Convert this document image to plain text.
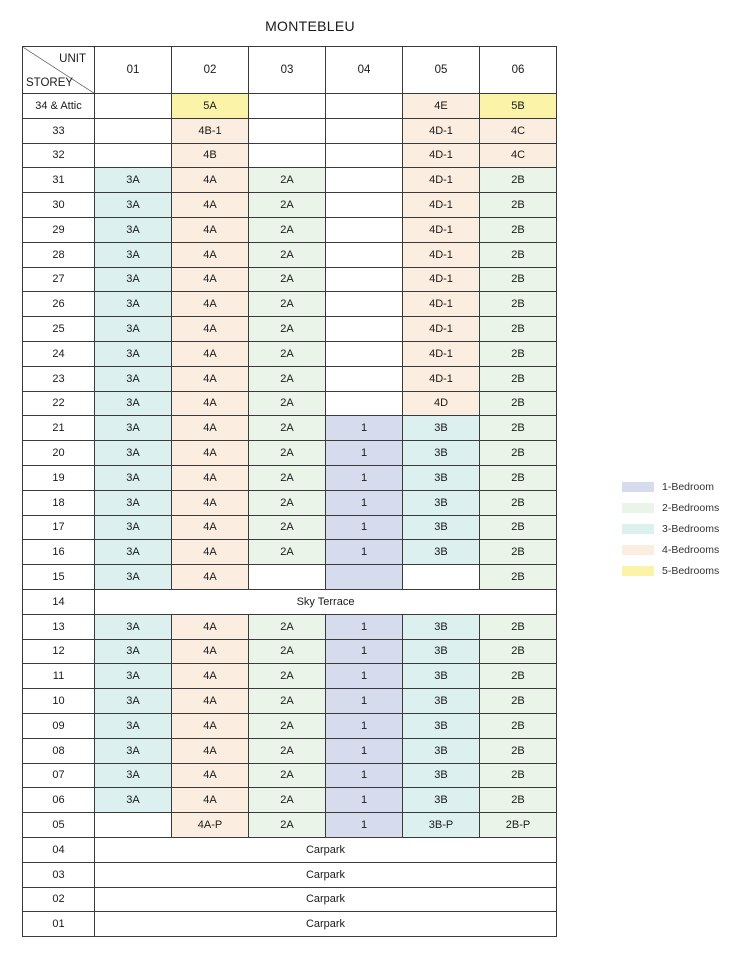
MONTEBLEU
UNIT
STOREY	01	02	03	04	05	06
34 & Attic		5A			4E	5B
33		4B-1			4D-1	4C
32		4B			4D-1	4C
31	3A	4A	2A		4D-1	2B
30	3A	4A	2A		4D-1	2B
29	3A	4A	2A		4D-1	2B
28	3A	4A	2A		4D-1	2B
27	3A	4A	2A		4D-1	2B
26	3A	4A	2A		4D-1	2B
25	3A	4A	2A		4D-1	2B
24	3A	4A	2A		4D-1	2B
23	3A	4A	2A		4D-1	2B
22	3A	4A	2A		4D	2B
21	3A	4A	2A	1	3B	2B
20	3A	4A	2A	1	3B	2B
19	3A	4A	2A	1	3B	2B
18	3A	4A	2A	1	3B	2B
17	3A	4A	2A	1	3B	2B
16	3A	4A	2A	1	3B	2B
15	3A	4A				2B
14	Sky Terrace					
13	3A	4A	2A	1	3B	2B
12	3A	4A	2A	1	3B	2B
11	3A	4A	2A	1	3B	2B
10	3A	4A	2A	1	3B	2B
09	3A	4A	2A	1	3B	2B
08	3A	4A	2A	1	3B	2B
07	3A	4A	2A	1	3B	2B
06	3A	4A	2A	1	3B	2B
05		4A-P	2A	1	3B-P	2B-P
04	Carpark					
03	Carpark					
02	Carpark					
01	Carpark					
1-Bedroom
2-Bedrooms
3-Bedrooms
4-Bedrooms
5-Bedrooms
